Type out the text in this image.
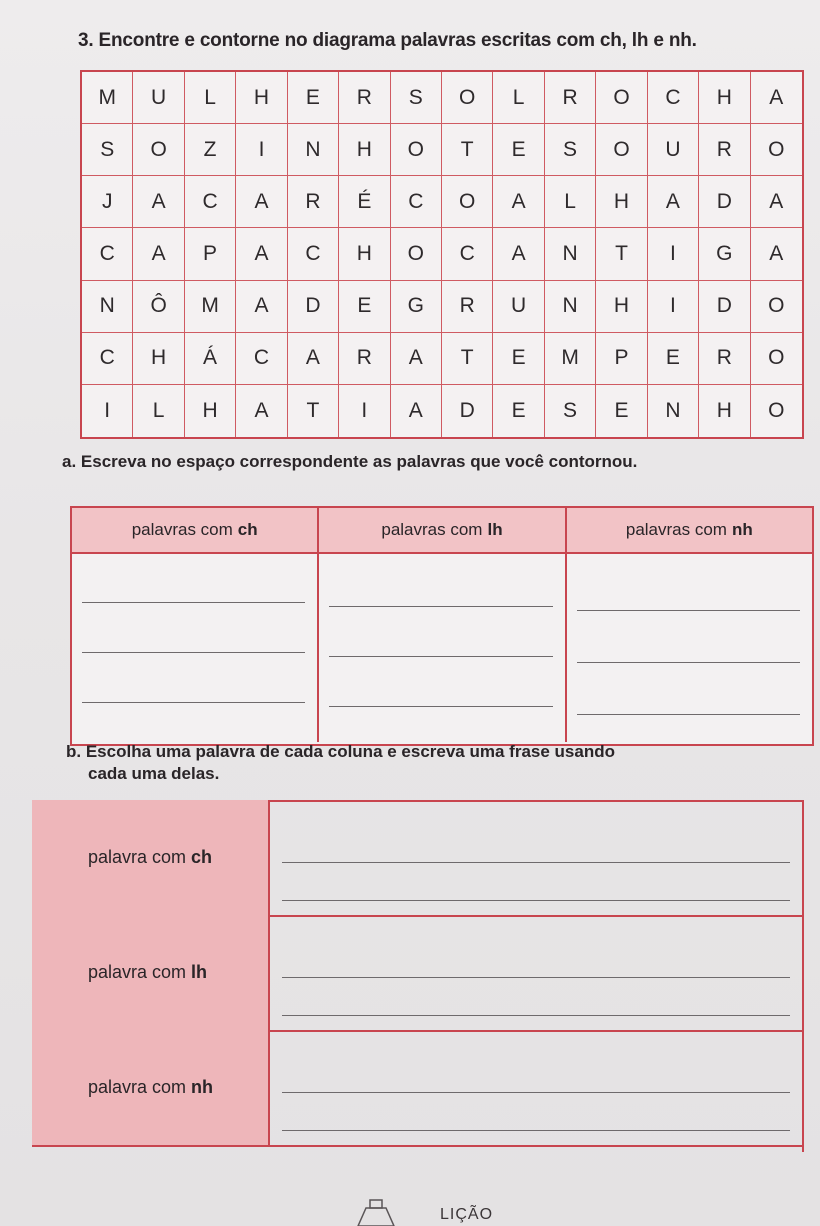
3. Encontre e contorne no diagrama palavras escritas com ch, lh e nh.
M	U	L	H	E	R	S	O	L	R	O	C	H	A
S	O	Z	I	N	H	O	T	E	S	O	U	R	O
J	A	C	A	R	É	C	O	A	L	H	A	D	A
C	A	P	A	C	H	O	C	A	N	T	I	G	A
N	Ô	M	A	D	E	G	R	U	N	H	I	D	O
C	H	Á	C	A	R	A	T	E	M	P	E	R	O
I	L	H	A	T	I	A	D	E	S	E	N	H	O
a. Escreva no espaço correspondente as palavras que você contornou.
palavras com ch	palavras com lh	palavras com nh
b. Escolha uma palavra de cada coluna e escreva uma frase usando
cada uma delas.
palavra com ch
palavra com lh
palavra com nh
LIÇÃO
